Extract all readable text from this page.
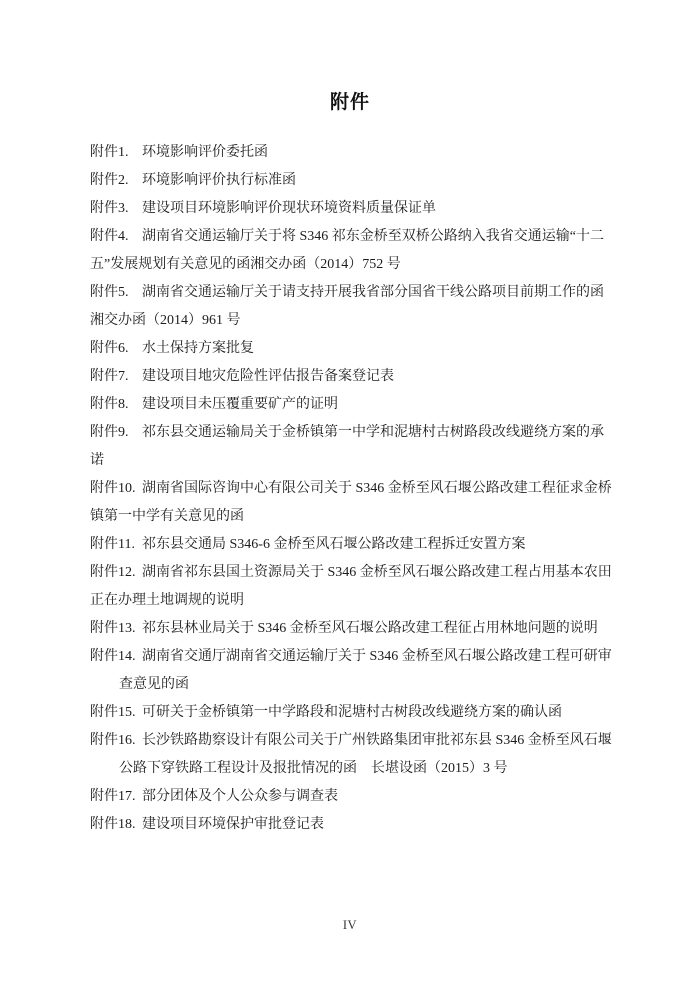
附件
附件1. 环境影响评价委托函
附件2. 环境影响评价执行标准函
附件3. 建设项目环境影响评价现状环境资料质量保证单
附件4. 湖南省交通运输厅关于将 S346 祁东金桥至双桥公路纳入我省交通运输“十二
五”发展规划有关意见的函湘交办函（2014）752 号
附件5. 湖南省交通运输厅关于请支持开展我省部分国省干线公路项目前期工作的函
湘交办函（2014）961 号
附件6. 水土保持方案批复
附件7. 建设项目地灾危险性评估报告备案登记表
附件8. 建设项目未压覆重要矿产的证明
附件9. 祁东县交通运输局关于金桥镇第一中学和泥塘村古树路段改线避绕方案的承
诺
附件10. 湖南省国际咨询中心有限公司关于 S346 金桥至风石堰公路改建工程征求金桥
镇第一中学有关意见的函
附件11. 祁东县交通局 S346-6 金桥至风石堰公路改建工程拆迁安置方案
附件12. 湖南省祁东县国土资源局关于 S346 金桥至风石堰公路改建工程占用基本农田
正在办理土地调规的说明
附件13. 祁东县林业局关于 S346 金桥至风石堰公路改建工程征占用林地问题的说明
附件14. 湖南省交通厅湖南省交通运输厅关于 S346 金桥至风石堰公路改建工程可研审
查意见的函
附件15. 可研关于金桥镇第一中学路段和泥塘村古树段改线避绕方案的确认函
附件16. 长沙铁路勘察设计有限公司关于广州铁路集团审批祁东县 S346 金桥至风石堰
公路下穿铁路工程设计及报批情况的函　长堪设函（2015）3 号
附件17. 部分团体及个人公众参与调查表
附件18. 建设项目环境保护审批登记表
IV
